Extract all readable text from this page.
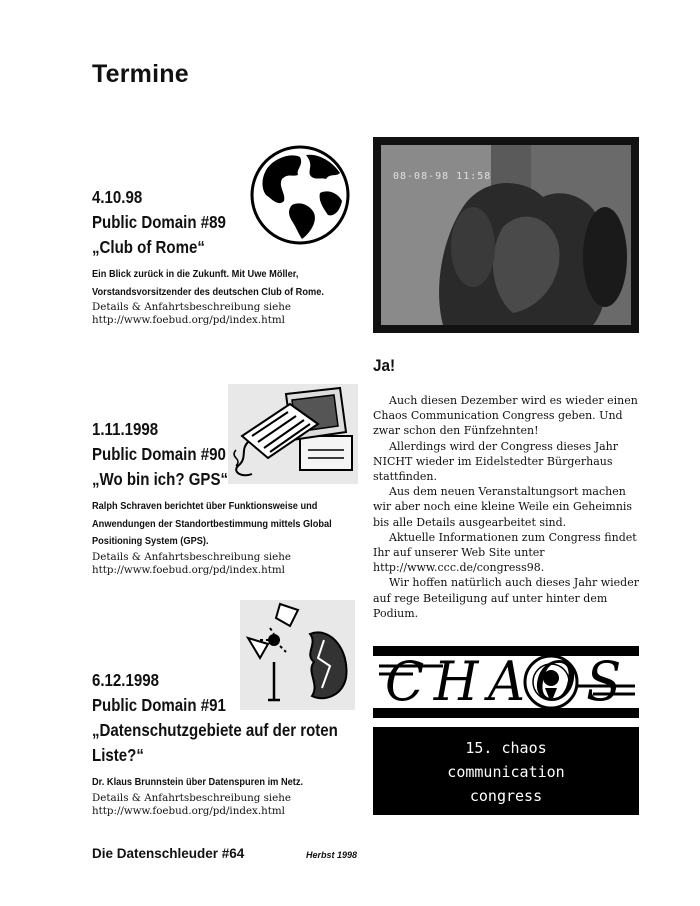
Termine
4.10.98
Public Domain #89
„Club of Rome“
Ein Blick zurück in die Zukunft. Mit Uwe Möller, Vorstandsvorsitzender des deutschen Club of Rome.
Details & Anfahrtsbeschreibung siehe
http://www.foebud.org/pd/index.html
1.11.1998
Public Domain #90
„Wo bin ich? GPS“
Ralph Schraven berichtet über Funktionsweise und Anwendungen der Standortbestimmung mittels Global Positioning System (GPS).
Details & Anfahrtsbeschreibung siehe
http://www.foebud.org/pd/index.html
6.12.1998
Public Domain #91
„Datenschutzgebiete auf der roten Liste?“
Dr. Klaus Brunnstein über Datenspuren im Netz.
Details & Anfahrtsbeschreibung siehe
http://www.foebud.org/pd/index.html
08-08-98 11:58
Ja!

Auch diesen Dezember wird es wieder einen Chaos Communication Congress geben. Und zwar schon den Fünfzehnten!

Allerdings wird der Congress dieses Jahr NICHT wieder im Eidelstedter Bürgerhaus stattfinden.

Aus dem neuen Veranstaltungsort machen wir aber noch eine kleine Weile ein Geheimnis bis alle Details ausgearbeitet sind.

Aktuelle Informationen zum Congress findet Ihr auf unserer Web Site unter http://www.ccc.de/congress98.

Wir hoffen natürlich auch dieses Jahr wieder auf rege Beteiligung auf unter hinter dem Podium.

CHAOS
15. chaos
communication
congress
Die Datenschleuder #64	Herbst 1998
